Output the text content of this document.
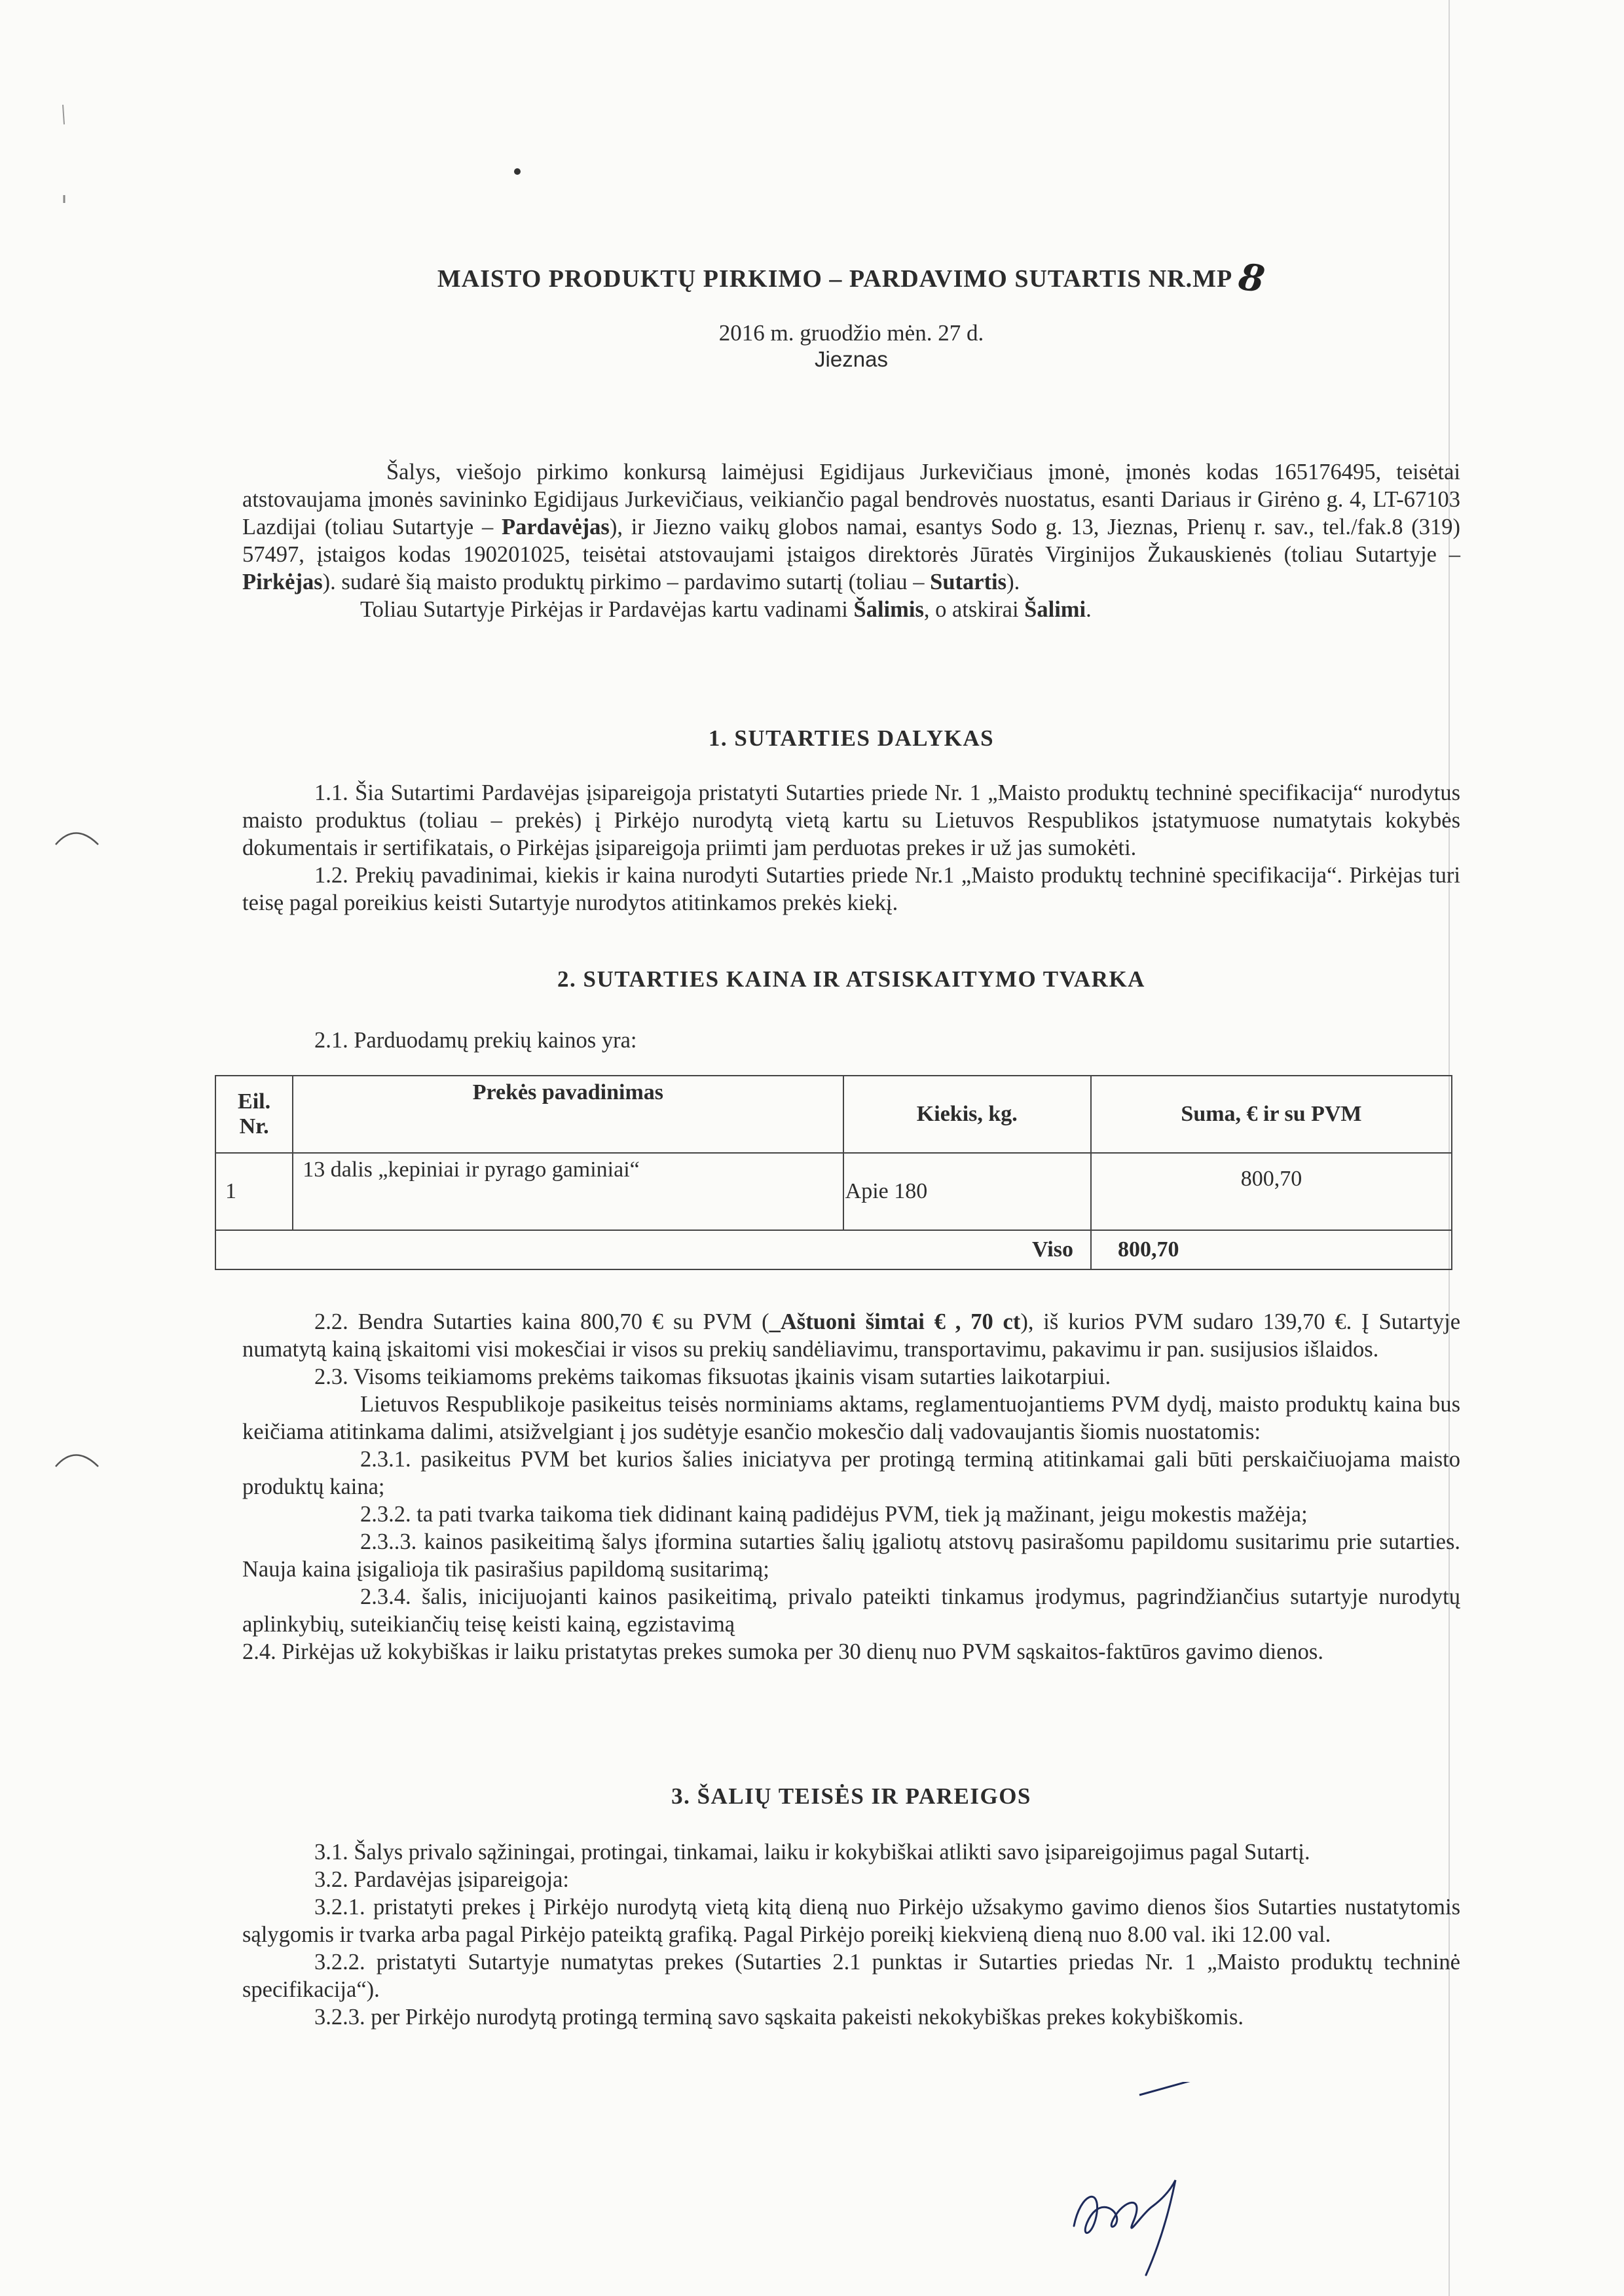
MAISTO PRODUKTŲ PIRKIMO – PARDAVIMO SUTARTIS NR.MP 8
2016 m. gruodžio mėn. 27 d.
Jieznas

Šalys, viešojo pirkimo konkursą laimėjusi Egidijaus Jurkevičiaus įmonė, įmonės kodas 165176495, teisėtai atstovaujama įmonės savininko Egidijaus Jurkevičiaus, veikiančio pagal bendrovės nuostatus, esanti Dariaus ir Girėno g. 4, LT-67103 Lazdijai (toliau Sutartyje – Pardavėjas), ir Jiezno vaikų globos namai, esantys Sodo g. 13, Jieznas, Prienų r. sav., tel./fak.8 (319) 57497, įstaigos kodas 190201025, teisėtai atstovaujami įstaigos direktorės Jūratės Virginijos Žukauskienės (toliau Sutartyje – Pirkėjas). sudarė šią maisto produktų pirkimo – pardavimo sutartį (toliau – Sutartis).

Toliau Sutartyje Pirkėjas ir Pardavėjas kartu vadinami Šalimis, o atskirai Šalimi.

1. SUTARTIES DALYKAS

1.1. Šia Sutartimi Pardavėjas įsipareigoja pristatyti Sutarties priede Nr. 1 „Maisto produktų techninė specifikacija“ nurodytus maisto produktus (toliau – prekės) į Pirkėjo nurodytą vietą kartu su Lietuvos Respublikos įstatymuose numatytais kokybės dokumentais ir sertifikatais, o Pirkėjas įsipareigoja priimti jam perduotas prekes ir už jas sumokėti.

1.2. Prekių pavadinimai, kiekis ir kaina nurodyti Sutarties priede Nr.1 „Maisto produktų techninė specifikacija“. Pirkėjas turi teisę pagal poreikius keisti Sutartyje nurodytos atitinkamos prekės kiekį.

2. SUTARTIES KAINA IR ATSISKAITYMO TVARKA

2.1. Parduodamų prekių kainos yra:

Eil. Nr.	Prekės pavadinimas	Kiekis, kg.	Suma, € ir su PVM
1	13 dalis „kepiniai ir pyrago gaminiai“	Apie 180	800,70
Viso			800,70

2.2. Bendra Sutarties kaina 800,70 € su PVM (_Aštuoni šimtai € , 70 ct), iš kurios PVM sudaro 139,70 €. Į Sutartyje numatytą kainą įskaitomi visi mokesčiai ir visos su prekių sandėliavimu, transportavimu, pakavimu ir pan. susijusios išlaidos.

2.3. Visoms teikiamoms prekėms taikomas fiksuotas įkainis visam sutarties laikotarpiui.

Lietuvos Respublikoje pasikeitus teisės norminiams aktams, reglamentuojantiems PVM dydį, maisto produktų kaina bus keičiama atitinkama dalimi, atsižvelgiant į jos sudėtyje esančio mokesčio dalį vadovaujantis šiomis nuostatomis:

2.3.1. pasikeitus PVM bet kurios šalies iniciatyva per protingą terminą atitinkamai gali būti perskaičiuojama maisto produktų kaina;

2.3.2. ta pati tvarka taikoma tiek didinant kainą padidėjus PVM, tiek ją mažinant, jeigu mokestis mažėja;

2.3..3. kainos pasikeitimą šalys įformina sutarties šalių įgaliotų atstovų pasirašomu papildomu susitarimu prie sutarties. Nauja kaina įsigalioja tik pasirašius papildomą susitarimą;

2.3.4. šalis, inicijuojanti kainos pasikeitimą, privalo pateikti tinkamus įrodymus, pagrindžiančius sutartyje nurodytų aplinkybių, suteikiančių teisę keisti kainą, egzistavimą

2.4. Pirkėjas už kokybiškas ir laiku pristatytas prekes sumoka per 30 dienų nuo PVM sąskaitos-faktūros gavimo dienos.

3. ŠALIŲ TEISĖS IR PAREIGOS

3.1. Šalys privalo sąžiningai, protingai, tinkamai, laiku ir kokybiškai atlikti savo įsipareigojimus pagal Sutartį.

3.2. Pardavėjas įsipareigoja:

3.2.1. pristatyti prekes į Pirkėjo nurodytą vietą kitą dieną nuo Pirkėjo užsakymo gavimo dienos šios Sutarties nustatytomis sąlygomis ir tvarka arba pagal Pirkėjo pateiktą grafiką. Pagal Pirkėjo poreikį kiekvieną dieną nuo 8.00 val. iki 12.00 val.

3.2.2. pristatyti Sutartyje numatytas prekes (Sutarties 2.1 punktas ir Sutarties priedas Nr. 1 „Maisto produktų techninė specifikacija“).

3.2.3. per Pirkėjo nurodytą protingą terminą savo sąskaita pakeisti nekokybiškas prekes kokybiškomis.
